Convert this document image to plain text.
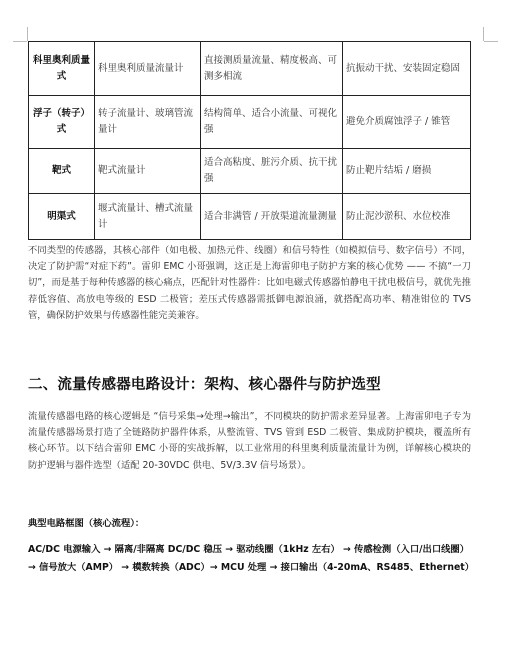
科里奥利质量式	科里奥利质量流量计	直接测质量流量、精度极高、可测多相流	抗振动干扰、安装固定稳固
浮子（转子）式	转子流量计、玻璃管流量计	结构简单、适合小流量、可视化强	避免介质腐蚀浮子 / 锥管
靶式	靶式流量计	适合高粘度、脏污介质、抗干扰强	防止靶片结垢 / 磨损
明渠式	堰式流量计、槽式流量计	适合非满管 / 开放渠道流量测量	防止泥沙淤积、水位校准

不同类型的传感器，其核心部件（如电极、加热元件、线圈）和信号特性（如模拟信号、数字信号）不同，决定了防护需“对症下药”。雷卯 EMC 小哥强调，这正是上海雷卯电子防护方案的核心优势 —— 不搞“一刀切”，而是基于每种传感器的核心痛点，匹配针对性器件：比如电磁式传感器怕静电干扰电极信号，就优先推荐低容值、高放电等级的 ESD 二极管；差压式传感器需抵御电源浪涌，就搭配高功率、精准钳位的 TVS 管，确保防护效果与传感器性能完美兼容。

二、流量传感器电路设计：架构、核心器件与防护选型

流量传感器电路的核心逻辑是 “信号采集→处理→输出”，不同模块的防护需求差异显著。上海雷卯电子专为流量传感器场景打造了全链路防护器件体系，从整流管、TVS 管到 ESD 二极管、集成防护模块，覆盖所有核心环节。以下结合雷卯 EMC 小哥的实战拆解，以工业常用的科里奥利质量流量计为例，详解核心模块的防护逻辑与器件选型（适配 20-30VDC 供电、5V/3.3V 信号场景）。

典型电路框图（核心流程）：

AC/DC 电源输入 → 隔离/非隔离 DC/DC 稳压 → 驱动线圈（1kHz 左右） → 传感检测（入口/出口线圈） → 信号放大（AMP） → 模数转换（ADC）→ MCU 处理 → 接口输出（4-20mA、RS485、Ethernet）
